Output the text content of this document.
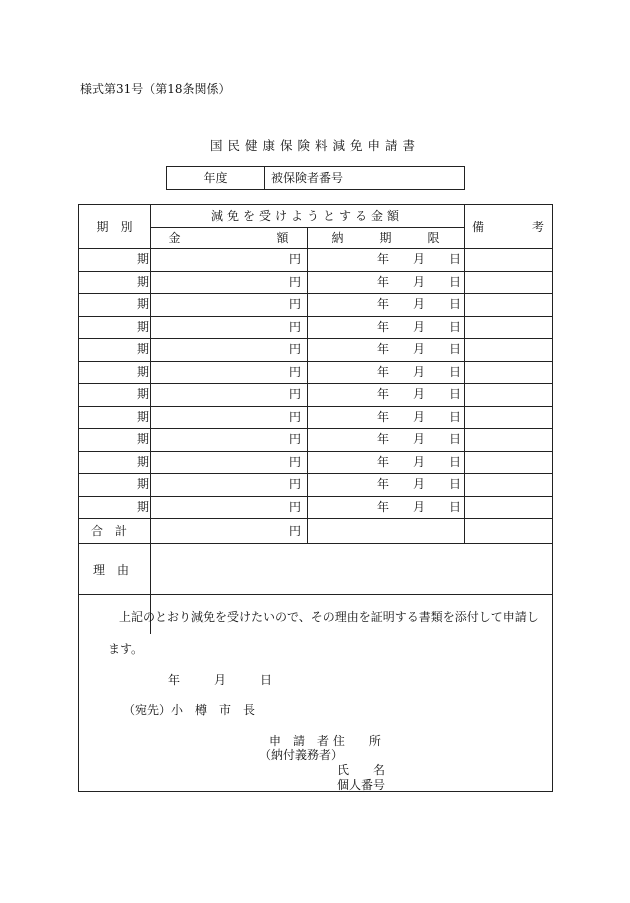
様式第31号（第18条関係）
国民健康保険料減免申請書
年度	被保険者番号
期　別
減免を受けようとする金額
金　　　　　　　　額	納　　　期　　　限
備　　　　考
期	円	年 月 日
期	円	年 月 日
期	円	年 月 日
期	円	年 月 日
期	円	年 月 日
期	円	年 月 日
期	円	年 月 日
期	円	年 月 日
期	円	年 月 日
期	円	年 月 日
期	円	年 月 日
期	円	年 月 日
合　計	円
理　由
上記のとおり減免を受けたいので、その理由を証明する書類を添付して申請し
ます。
年	月	日
（宛先）小　樽　市　長
申　請　者 住　　所
（納付義務者）
氏　　名
個人番号
